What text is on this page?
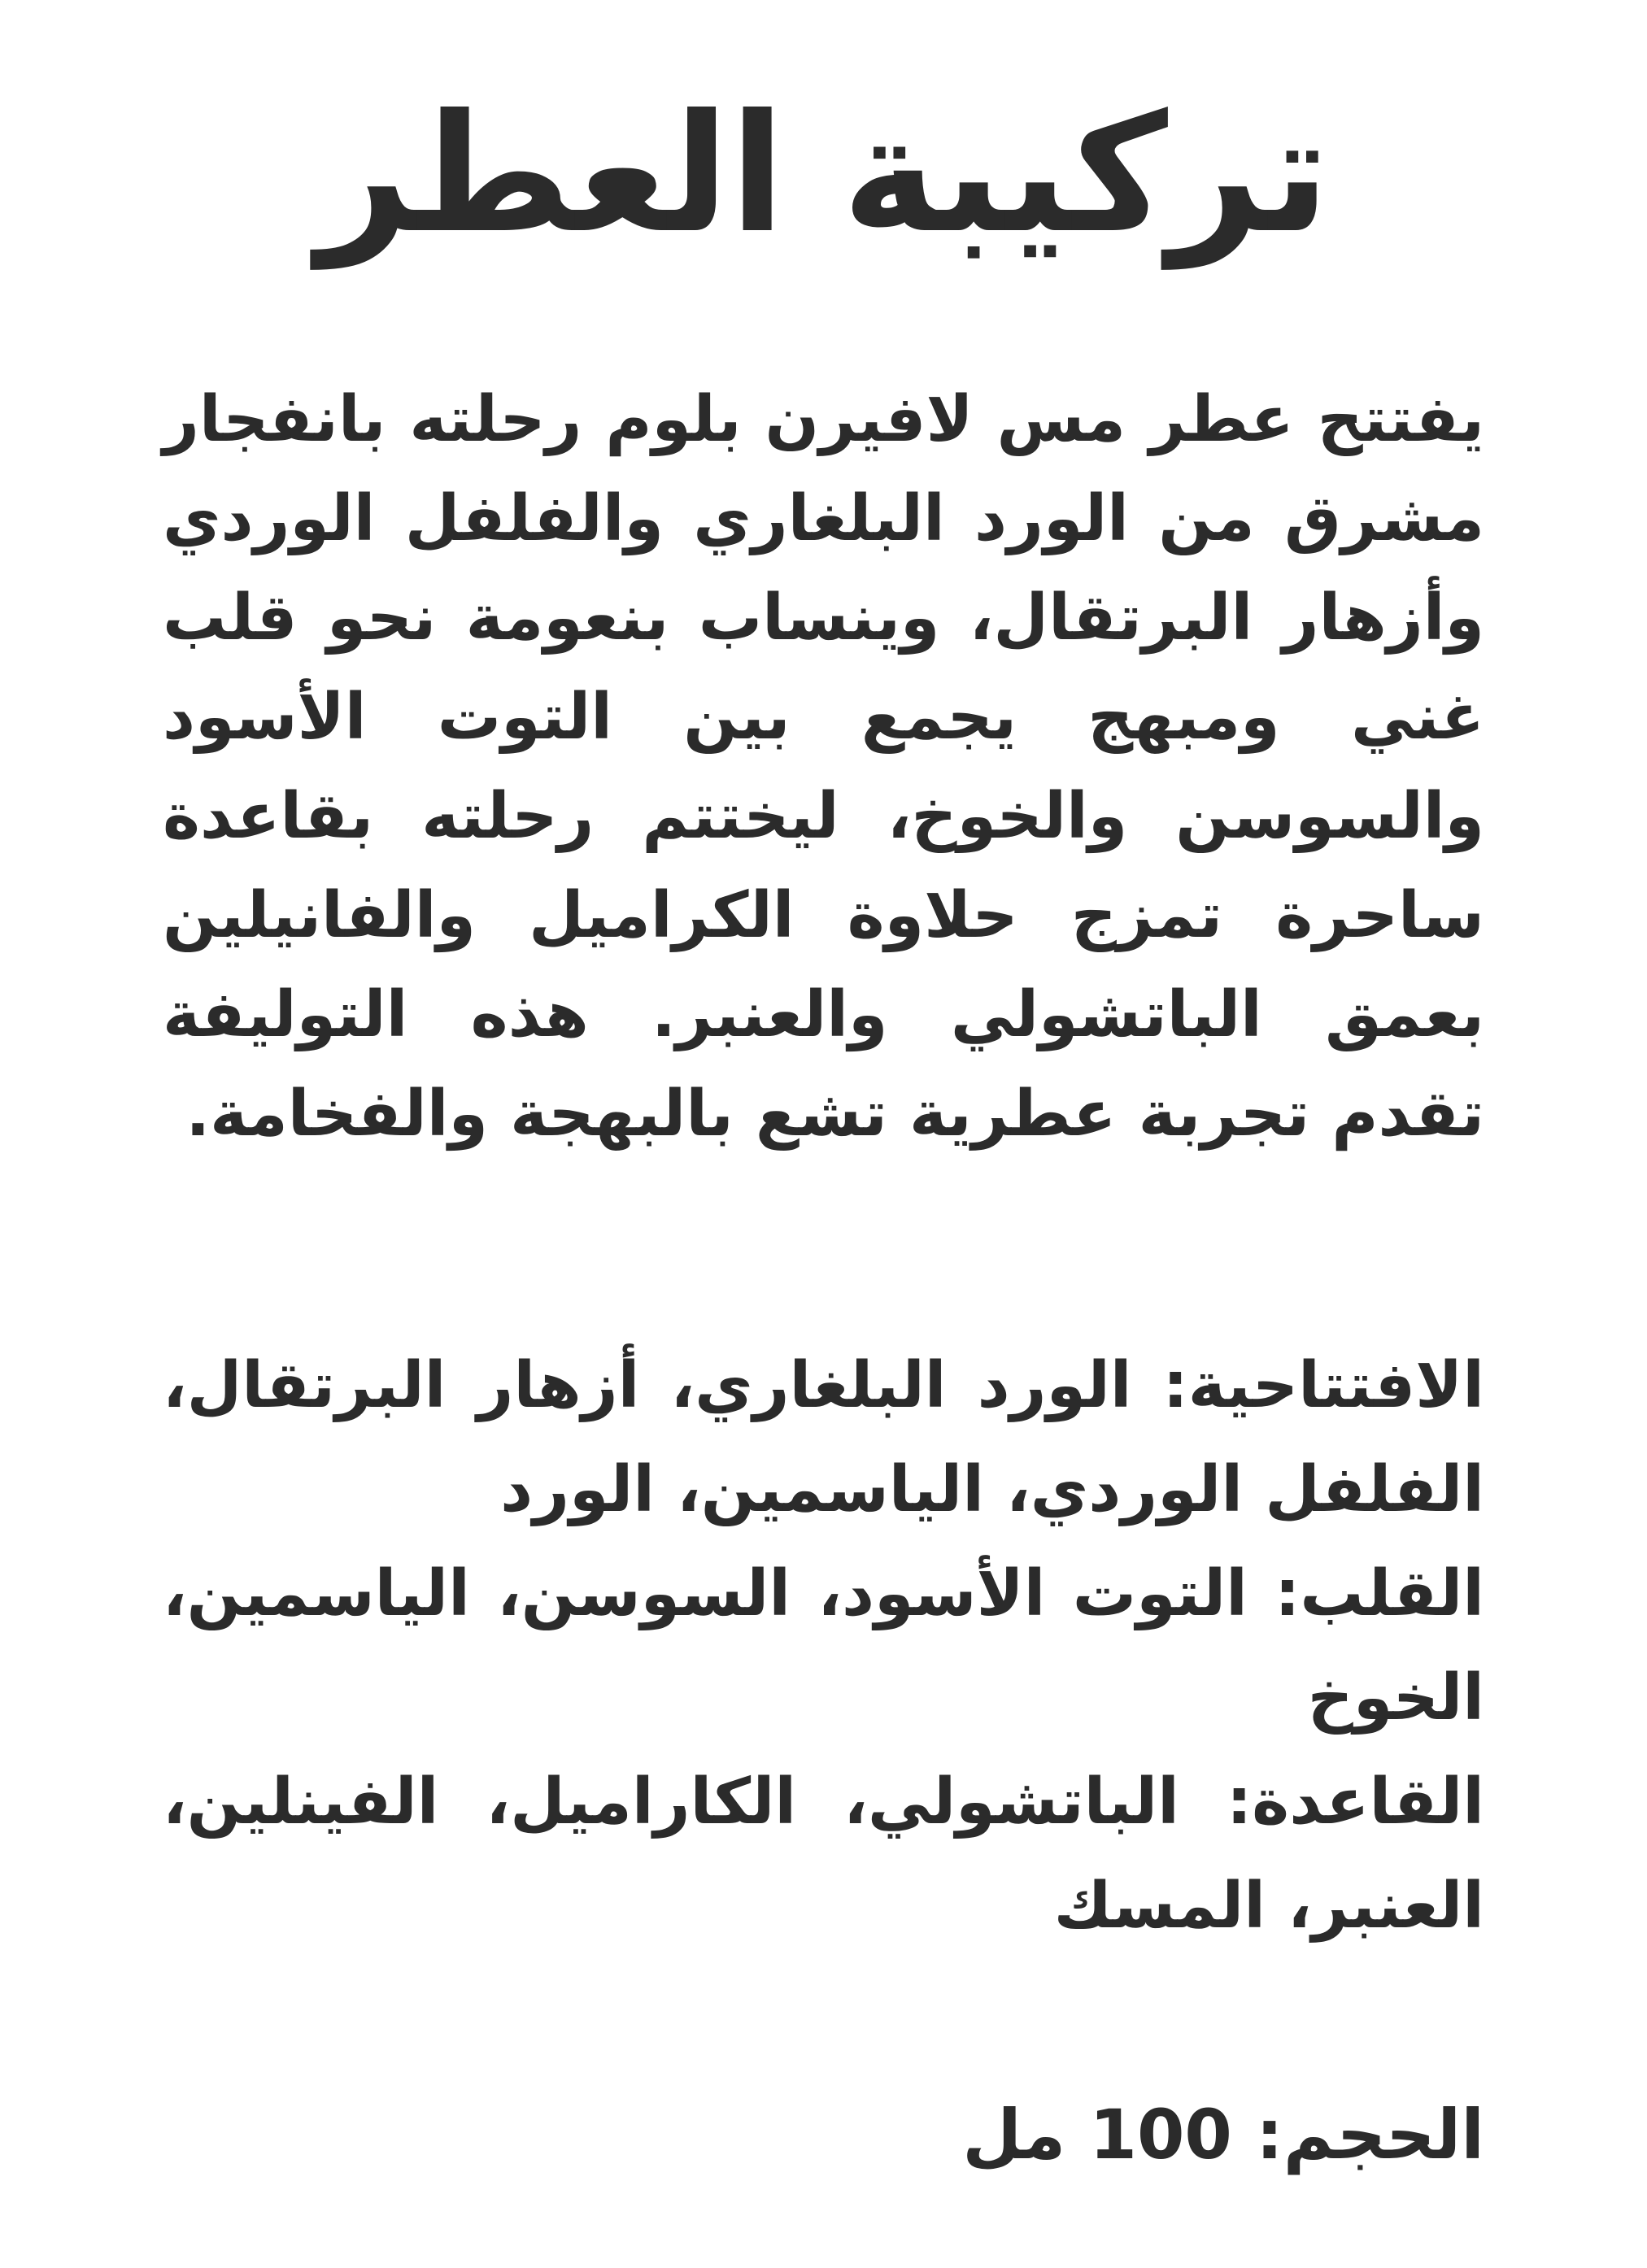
تركيبة العطر

يفتتح عطر مس لافيرن بلوم رحلته بانفجار مشرق من الورد البلغاري والفلفل الوردي وأزهار البرتقال، وينساب بنعومة نحو قلب غني ومبهج يجمع بين التوت الأسود والسوسن والخوخ، ليختتم رحلته بقاعدة ساحرة تمزج حلاوة الكراميل والفانيلين بعمق الباتشولي والعنبر. هذه التوليفة تقدم تجربة عطرية تشع بالبهجة والفخامة.

الافتتاحية: الورد البلغاري، أزهار البرتقال، الفلفل الوردي، الياسمين، الورد
القلب: التوت الأسود، السوسن، الياسمين، الخوخ
القاعدة: الباتشولي، الكاراميل، الفينلين، العنبر، المسك
الحجم: 100 مل
